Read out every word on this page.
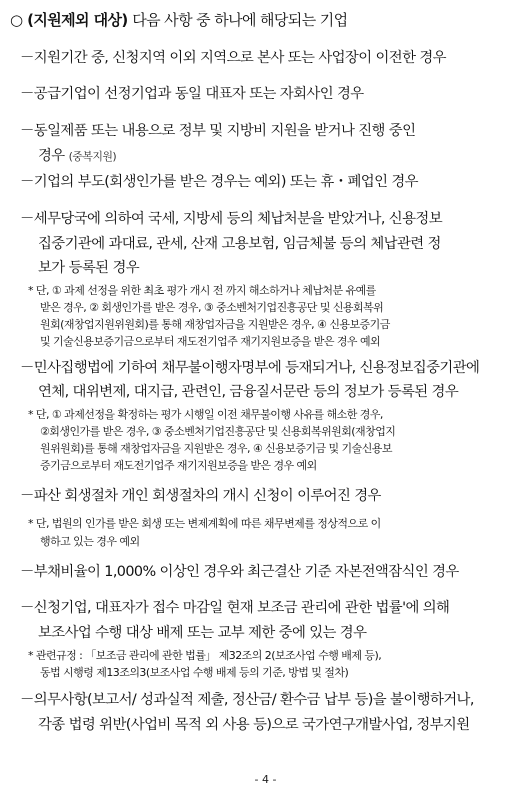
○ (지원제외 대상) 다음 사항 중 하나에 해당되는 기업
－지원기간 중, 신청지역 이외 지역으로 본사 또는 사업장이 이전한 경우
－공급기업이 선정기업과 동일 대표자 또는 자회사인 경우
－동일제품 또는 내용으로 정부 및 지방비 지원을 받거나 진행 중인
경우 (중복지원)
－기업의 부도(회생인가를 받은 경우는 예외) 또는 휴・폐업인 경우
－세무당국에 의하여 국세, 지방세 등의 체납처분을 받았거나, 신용정보
집중기관에 과대료, 관세, 산재 고용보험, 임금체불 등의 체납관련 정
보가 등록된 경우
* 단, ① 과제 선정을 위한 최초 평가 개시 전 까지 해소하거나 체납처분 유예를
받은 경우, ② 회생인가를 받은 경우, ③ 중소벤처기업진흥공단 및 신용회복위
원회(재창업지원위원회)를 통해 재창업자금을 지원받은 경우, ④ 신용보증기금
및 기술신용보증기금으로부터 재도전기업주 재기지원보증을 받은 경우 예외
－민사집행법에 기하여 채무불이행자명부에 등재되거나, 신용정보집중기관에
연체, 대위변제, 대지급, 관련인, 금융질서문란 등의 정보가 등록된 경우
* 단, ① 과제선정을 확정하는 평가 시행일 이전 채무불이행 사유를 해소한 경우,
②회생인가를 받은 경우, ③ 중소벤처기업진흥공단 및 신용회복위원회(재창업지
원위원회)를 통해 재창업자금을 지원받은 경우, ④ 신용보증기금 및 기술신용보
증기금으로부터 재도전기업주 재기지원보증을 받은 경우 예외
－파산 회생절차 개인 회생절차의 개시 신청이 이루어진 경우
* 단, 법원의 인가를 받은 회생 또는 변제계획에 따른 채무변제를 정상적으로 이
행하고 있는 경우 예외
－부채비율이 1,000% 이상인 경우와 최근결산 기준 자본전액잠식인 경우
－신청기업, 대표자가 접수 마감일 현재 보조금 관리에 관한 법률'에 의해
보조사업 수행 대상 배제 또는 교부 제한 중에 있는 경우
* 관련규정 : 「보조금 관리에 관한 법률」 제32조의 2(보조사업 수행 배제 등),
동법 시행령 제13조의3(보조사업 수행 배제 등의 기준, 방법 및 절차)
－의무사항(보고서/ 성과실적 제출, 정산금/ 환수금 납부 등)을 불이행하거나,
각종 법령 위반(사업비 목적 외 사용 등)으로 국가연구개발사업, 정부지원
- 4 -
